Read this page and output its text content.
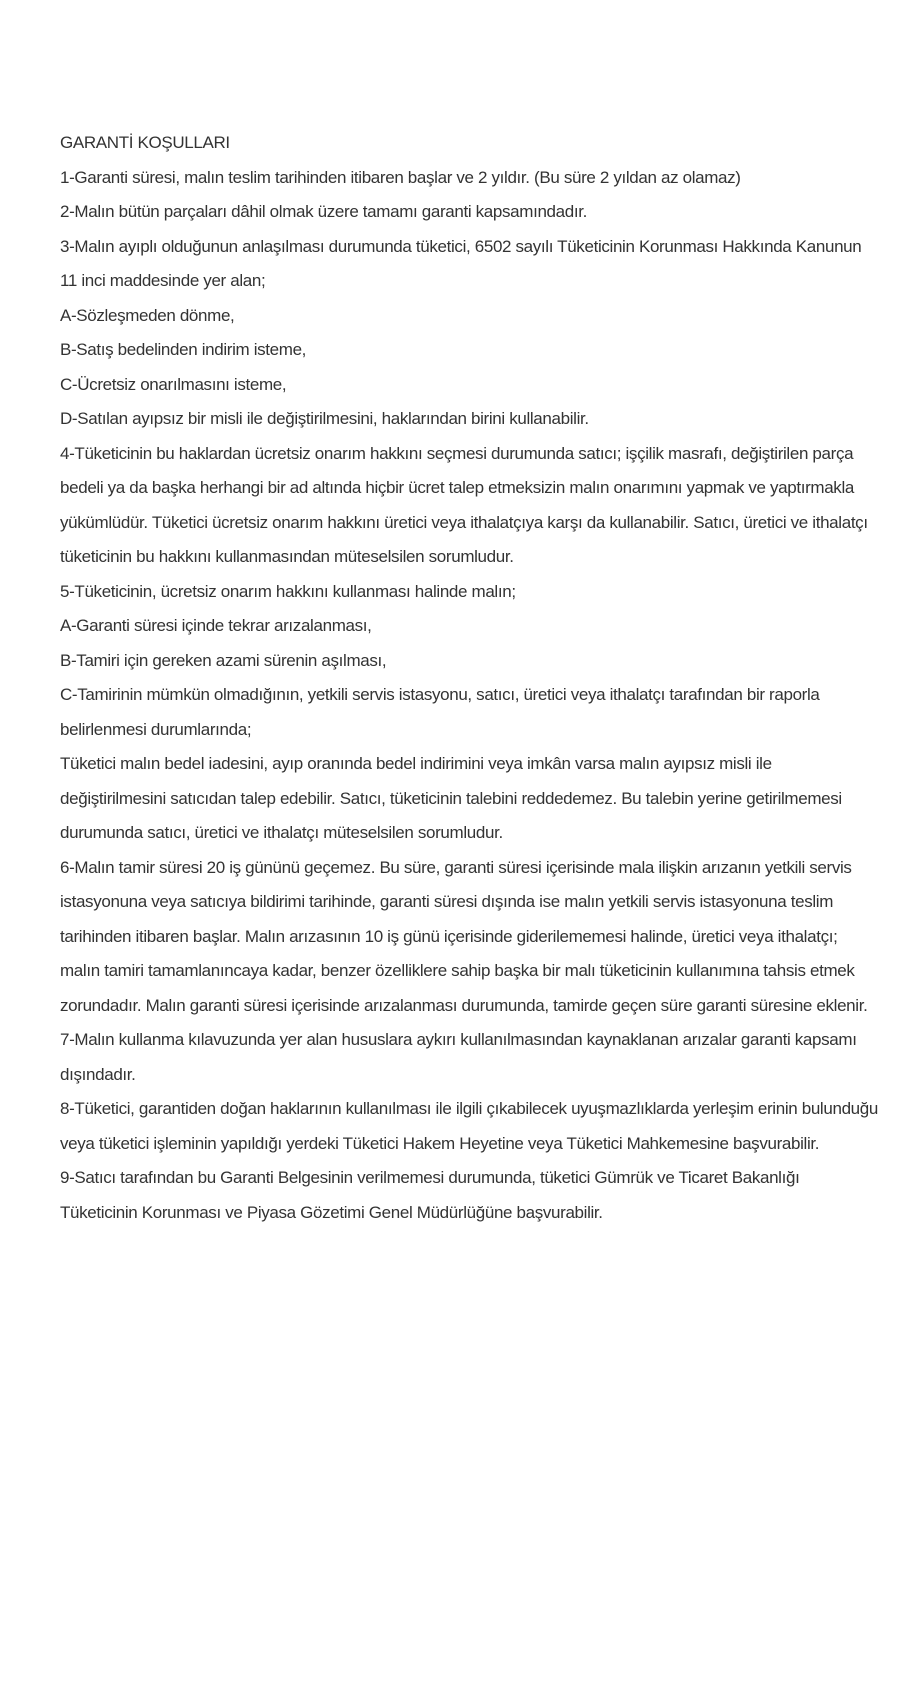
GARANTİ KOŞULLARI

1-Garanti süresi, malın teslim tarihinden itibaren başlar ve 2 yıldır. (Bu süre 2 yıldan az olamaz)

2-Malın bütün parçaları dâhil olmak üzere tamamı garanti kapsamındadır.

3-Malın ayıplı olduğunun anlaşılması durumunda tüketici, 6502 sayılı Tüketicinin Korunması Hakkında Kanunun 11 inci maddesinde yer alan;

A-Sözleşmeden dönme,

B-Satış bedelinden indirim isteme,

C-Ücretsiz onarılmasını isteme,

D-Satılan ayıpsız bir misli ile değiştirilmesini, haklarından birini kullanabilir.

4-Tüketicinin bu haklardan ücretsiz onarım hakkını seçmesi durumunda satıcı; işçilik masrafı, değiştirilen parça bedeli ya da başka herhangi bir ad altında hiçbir ücret talep etmeksizin malın onarımını yapmak ve yaptırmakla yükümlüdür. Tüketici ücretsiz onarım hakkını üretici veya ithalatçıya karşı da kullanabilir. Satıcı, üretici ve ithalatçı tüketicinin bu hakkını kullanmasından müteselsilen sorumludur.

5-Tüketicinin, ücretsiz onarım hakkını kullanması halinde malın;

A-Garanti süresi içinde tekrar arızalanması,

B-Tamiri için gereken azami sürenin aşılması,

C-Tamirinin mümkün olmadığının, yetkili servis istasyonu, satıcı, üretici veya ithalatçı tarafından bir raporla belirlenmesi durumlarında;

Tüketici malın bedel iadesini, ayıp oranında bedel indirimini veya imkân varsa malın ayıpsız misli ile değiştirilmesini satıcıdan talep edebilir. Satıcı, tüketicinin talebini reddedemez. Bu talebin yerine getirilmemesi durumunda satıcı, üretici ve ithalatçı müteselsilen sorumludur.

6-Malın tamir süresi 20 iş gününü geçemez. Bu süre, garanti süresi içerisinde mala ilişkin arızanın yetkili servis istasyonuna veya satıcıya bildirimi tarihinde, garanti süresi dışında ise malın yetkili servis istasyonuna teslim tarihinden itibaren başlar. Malın arızasının 10 iş günü içerisinde giderilememesi halinde, üretici veya ithalatçı; malın tamiri tamamlanıncaya kadar, benzer özelliklere sahip başka bir malı tüketicinin kullanımına tahsis etmek zorundadır. Malın garanti süresi içerisinde arızalanması durumunda, tamirde geçen süre garanti süresine eklenir.

7-Malın kullanma kılavuzunda yer alan hususlara aykırı kullanılmasından kaynaklanan arızalar garanti kapsamı dışındadır.

8-Tüketici, garantiden doğan haklarının kullanılması ile ilgili çıkabilecek uyuşmazlıklarda yerleşim erinin bulunduğu veya tüketici işleminin yapıldığı yerdeki Tüketici Hakem Heyetine veya Tüketici Mahkemesine başvurabilir.

9-Satıcı tarafından bu Garanti Belgesinin verilmemesi durumunda, tüketici Gümrük ve Ticaret Bakanlığı Tüketicinin Korunması ve Piyasa Gözetimi Genel Müdürlüğüne başvurabilir.
